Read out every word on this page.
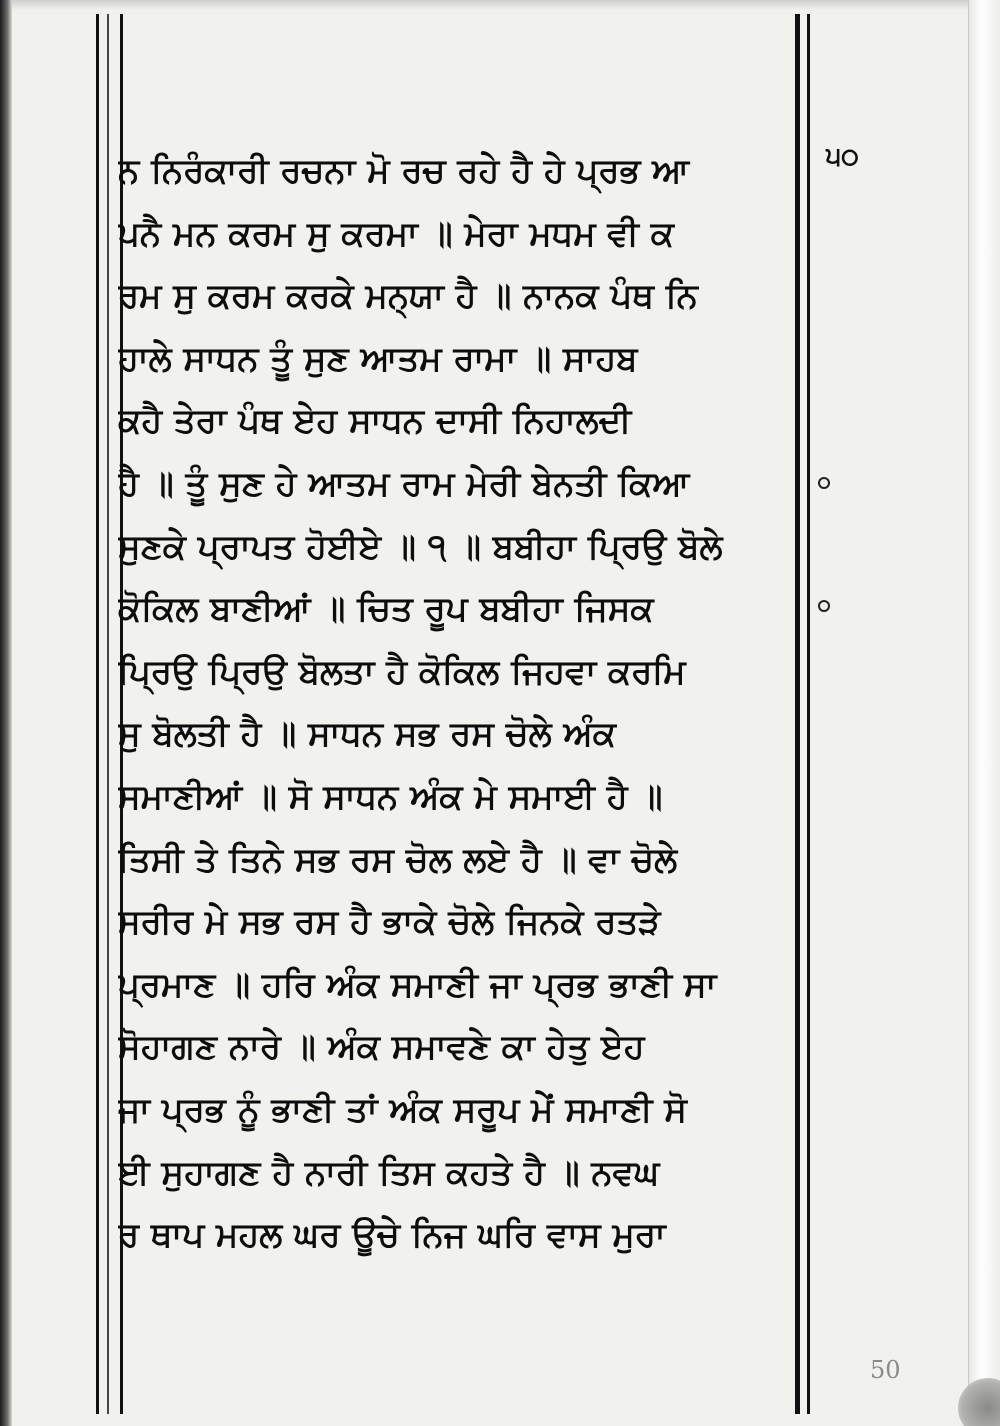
ਨ ਨਿਰੰਕਾਰੀ ਰਚਨਾ ਮੋ ਰਚ ਰਹੇ ਹੈ ਹੇ ਪ੍ਰਭ ਆ
ਪਨੈ ਮਨ ਕਰਮ ਸੁ ਕਰਮਾ ॥ ਮੇਰਾ ਮਧਮ ਵੀ ਕ
ਰਮ ਸੁ ਕਰਮ ਕਰਕੇ ਮਨ੍ਯਾ ਹੈ ॥ ਨਾਨਕ ਪੰਥ ਨਿ
ਹਾਲੇ ਸਾਧਨ ਤੂੰ ਸੁਣ ਆਤਮ ਰਾਮਾ ॥ ਸਾਹਬ
ਕਹੈ ਤੇਰਾ ਪੰਥ ਏਹ ਸਾਧਨ ਦਾਸੀ ਨਿਹਾਲਦੀ
ਹੈ ॥ ਤੂੰ ਸੁਣ ਹੇ ਆਤਮ ਰਾਮ ਮੇਰੀ ਬੇਨਤੀ ਕਿਆ
ਸੁਣਕੇ ਪ੍ਰਾਪਤ ਹੋਈਏ ॥ ੧ ॥ ਬਬੀਹਾ ਪ੍ਰਿਉ ਬੋਲੇ
ਕੋਕਿਲ ਬਾਣੀਆਂ ॥ ਚਿਤ ਰੂਪ ਬਬੀਹਾ ਜਿਸਕ
ਪ੍ਰਿਉ ਪ੍ਰਿਉ ਬੋਲਤਾ ਹੈ ਕੋਕਿਲ ਜਿਹਵਾ ਕਰਮਿ
ਸੁ ਬੋਲਤੀ ਹੈ ॥ ਸਾਧਨ ਸਭ ਰਸ ਚੋਲੇ ਅੰਕ
ਸਮਾਣੀਆਂ ॥ ਸੋ ਸਾਧਨ ਅੰਕ ਮੇ ਸਮਾਈ ਹੈ ॥
ਤਿਸੀ ਤੇ ਤਿਨੇ ਸਭ ਰਸ ਚੋਲ ਲਏ ਹੈ ॥ ਵਾ ਚੋਲੇ
ਸਰੀਰ ਮੇ ਸਭ ਰਸ ਹੈ ਭਾਕੇ ਚੋਲੇ ਜਿਨਕੇ ਰਤੜੇ
ਪ੍ਰਮਾਣ ॥ ਹਰਿ ਅੰਕ ਸਮਾਣੀ ਜਾ ਪ੍ਰਭ ਭਾਣੀ ਸਾ
ਸੋਹਾਗਣ ਨਾਰੇ ॥ ਅੰਕ ਸਮਾਵਣੇ ਕਾ ਹੇਤੁ ਏਹ
ਜਾ ਪ੍ਰਭ ਨੂੰ ਭਾਣੀ ਤਾਂ ਅੰਕ ਸਰੂਪ ਮੇਂ ਸਮਾਣੀ ਸੋ
ਈ ਸੁਹਾਗਣ ਹੈ ਨਾਰੀ ਤਿਸ ਕਹਤੇ ਹੈ ॥ ਨਵਘ
ਰ ਥਾਪ ਮਹਲ ਘਰ ਊਚੇ ਨਿਜ ਘਰਿ ਵਾਸ ਮੁਰਾ
੫੦
50
